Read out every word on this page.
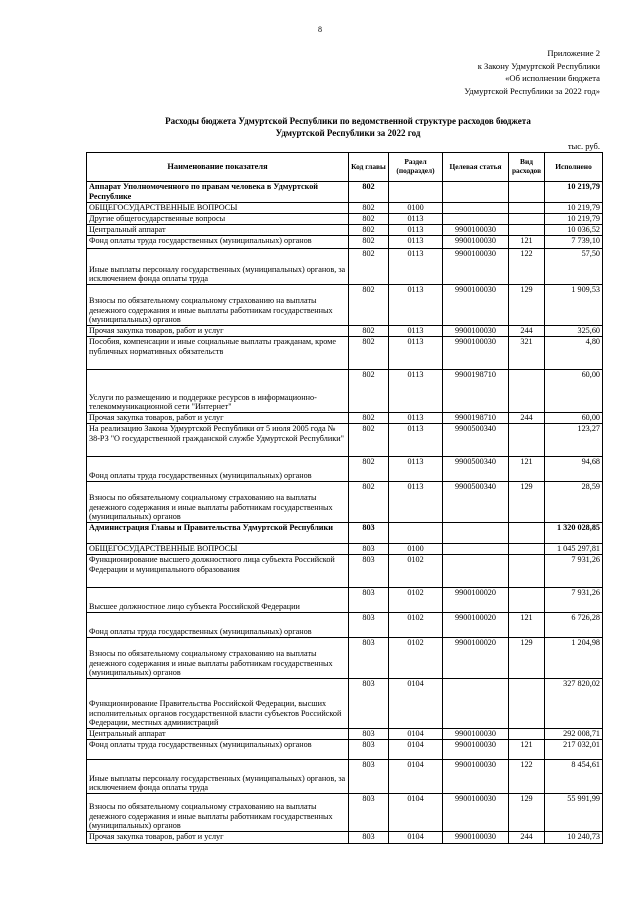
8
Приложение 2
к Закону Удмуртской Республики
«Об исполнении бюджета
Удмуртской Республики за 2022 год»
Расходы бюджета Удмуртской Республики по ведомственной структуре расходов бюджета
Удмуртской Республики за 2022 год
тыс. руб.
Наименование показателя	Код главы	Раздел (подраздел)	Целевая статья	Вид расходов	Исполнено
Аппарат Уполномоченного по правам человека в Удмуртской Республике	802				10 219,79
ОБЩЕГОСУДАРСТВЕННЫЕ ВОПРОСЫ	802	0100			10 219,79
Другие общегосударственные вопросы	802	0113			10 219,79
Центральный аппарат	802	0113	9900100030		10 036,52
Фонд оплаты труда государственных (муниципальных) органов	802	0113	9900100030	121	7 739,10
Иные выплаты персоналу государственных (муниципальных) органов, за исключением фонда оплаты труда	802	0113	9900100030	122	57,50
Взносы по обязательному социальному страхованию на выплаты денежного содержания и иные выплаты работникам государственных (муниципальных) органов	802	0113	9900100030	129	1 909,53
Прочая закупка товаров, работ и услуг	802	0113	9900100030	244	325,60
Пособия, компенсации и иные социальные выплаты гражданам, кроме публичных нормативных обязательств	802	0113	9900100030	321	4,80
Услуги по размещению и поддержке ресурсов в информационно-телекоммуникационной сети "Интернет"	802	0113	9900198710		60,00
Прочая закупка товаров, работ и услуг	802	0113	9900198710	244	60,00
На реализацию Закона Удмуртской Республики от 5 июля 2005 года № 38-РЗ "О государственной гражданской службе Удмуртской Республики"	802	0113	9900500340		123,27
Фонд оплаты труда государственных (муниципальных) органов	802	0113	9900500340	121	94,68
Взносы по обязательному социальному страхованию на выплаты денежного содержания и иные выплаты работникам государственных (муниципальных) органов	802	0113	9900500340	129	28,59
Администрация Главы и Правительства Удмуртской Республики	803				1 320 028,85
ОБЩЕГОСУДАРСТВЕННЫЕ ВОПРОСЫ	803	0100			1 045 297,81
Функционирование высшего должностного лица субъекта Российской Федерации и муниципального образования	803	0102			7 931,26
Высшее должностное лицо субъекта Российской Федерации	803	0102	9900100020		7 931,26
Фонд оплаты труда государственных (муниципальных) органов	803	0102	9900100020	121	6 726,28
Взносы по обязательному социальному страхованию на выплаты денежного содержания и иные выплаты работникам государственных (муниципальных) органов	803	0102	9900100020	129	1 204,98
Функционирование Правительства Российской Федерации, высших исполнительных органов государственной власти субъектов Российской Федерации, местных администраций	803	0104			327 820,02
Центральный аппарат	803	0104	9900100030		292 008,71
Фонд оплаты труда государственных (муниципальных) органов	803	0104	9900100030	121	217 032,01
Иные выплаты персоналу государственных (муниципальных) органов, за исключением фонда оплаты труда	803	0104	9900100030	122	8 454,61
Взносы по обязательному социальному страхованию на выплаты денежного содержания и иные выплаты работникам государственных (муниципальных) органов	803	0104	9900100030	129	55 991,99
Прочая закупка товаров, работ и услуг	803	0104	9900100030	244	10 240,73
